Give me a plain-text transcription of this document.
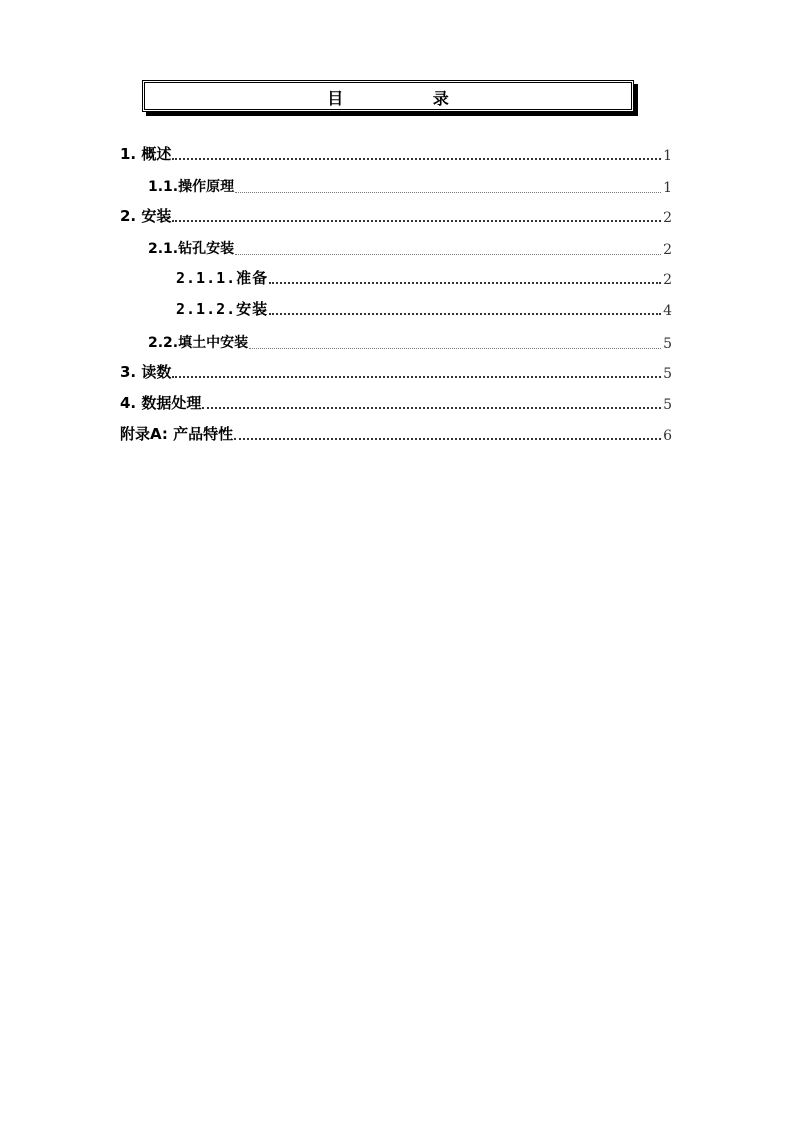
目 录
1. 概述	1
1.1.操作原理	1
2. 安装	2
2.1.钻孔安装	2
2.1.1.准备	2
2.1.2.安装	4
2.2.填土中安装	5
3. 读数	5
4. 数据处理	5
附录A: 产品特性	6
